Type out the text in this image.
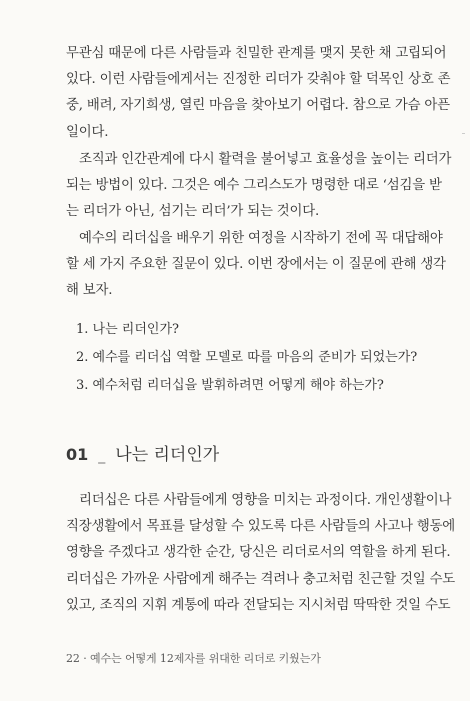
무관심 때문에 다른 사람들과 친밀한 관계를 맺지 못한 채 고립되어
있다. 이런 사람들에게서는 진정한 리더가 갖춰야 할 덕목인 상호 존
중, 배려, 자기희생, 열린 마음을 찾아보기 어렵다. 참으로 가슴 아픈
일이다.

조직과 인간관계에 다시 활력을 불어넣고 효율성을 높이는 리더가
되는 방법이 있다. 그것은 예수 그리스도가 명령한 대로 ‘섬김을 받
는 리더가 아닌, 섬기는 리더’가 되는 것이다.

예수의 리더십을 배우기 위한 여정을 시작하기 전에 꼭 대답해야
할 세 가지 주요한 질문이 있다. 이번 장에서는 이 질문에 관해 생각
해 보자.

1. 나는 리더인가?
2. 예수를 리더십 역할 모델로 따를 마음의 준비가 되었는가?
3. 예수처럼 리더십을 발휘하려면 어떻게 해야 하는가?
01 _ 나는 리더인가

리더십은 다른 사람들에게 영향을 미치는 과정이다. 개인생활이나
직장생활에서 목표를 달성할 수 있도록 다른 사람들의 사고나 행동에
영향을 주겠다고 생각한 순간, 당신은 리더로서의 역할을 하게 된다.
리더십은 가까운 사람에게 해주는 격려나 충고처럼 친근할 것일 수도
있고, 조직의 지휘 계통에 따라 전달되는 지시처럼 딱딱한 것일 수도

22 · 예수는 어떻게 12제자를 위대한 리더로 키웠는가
